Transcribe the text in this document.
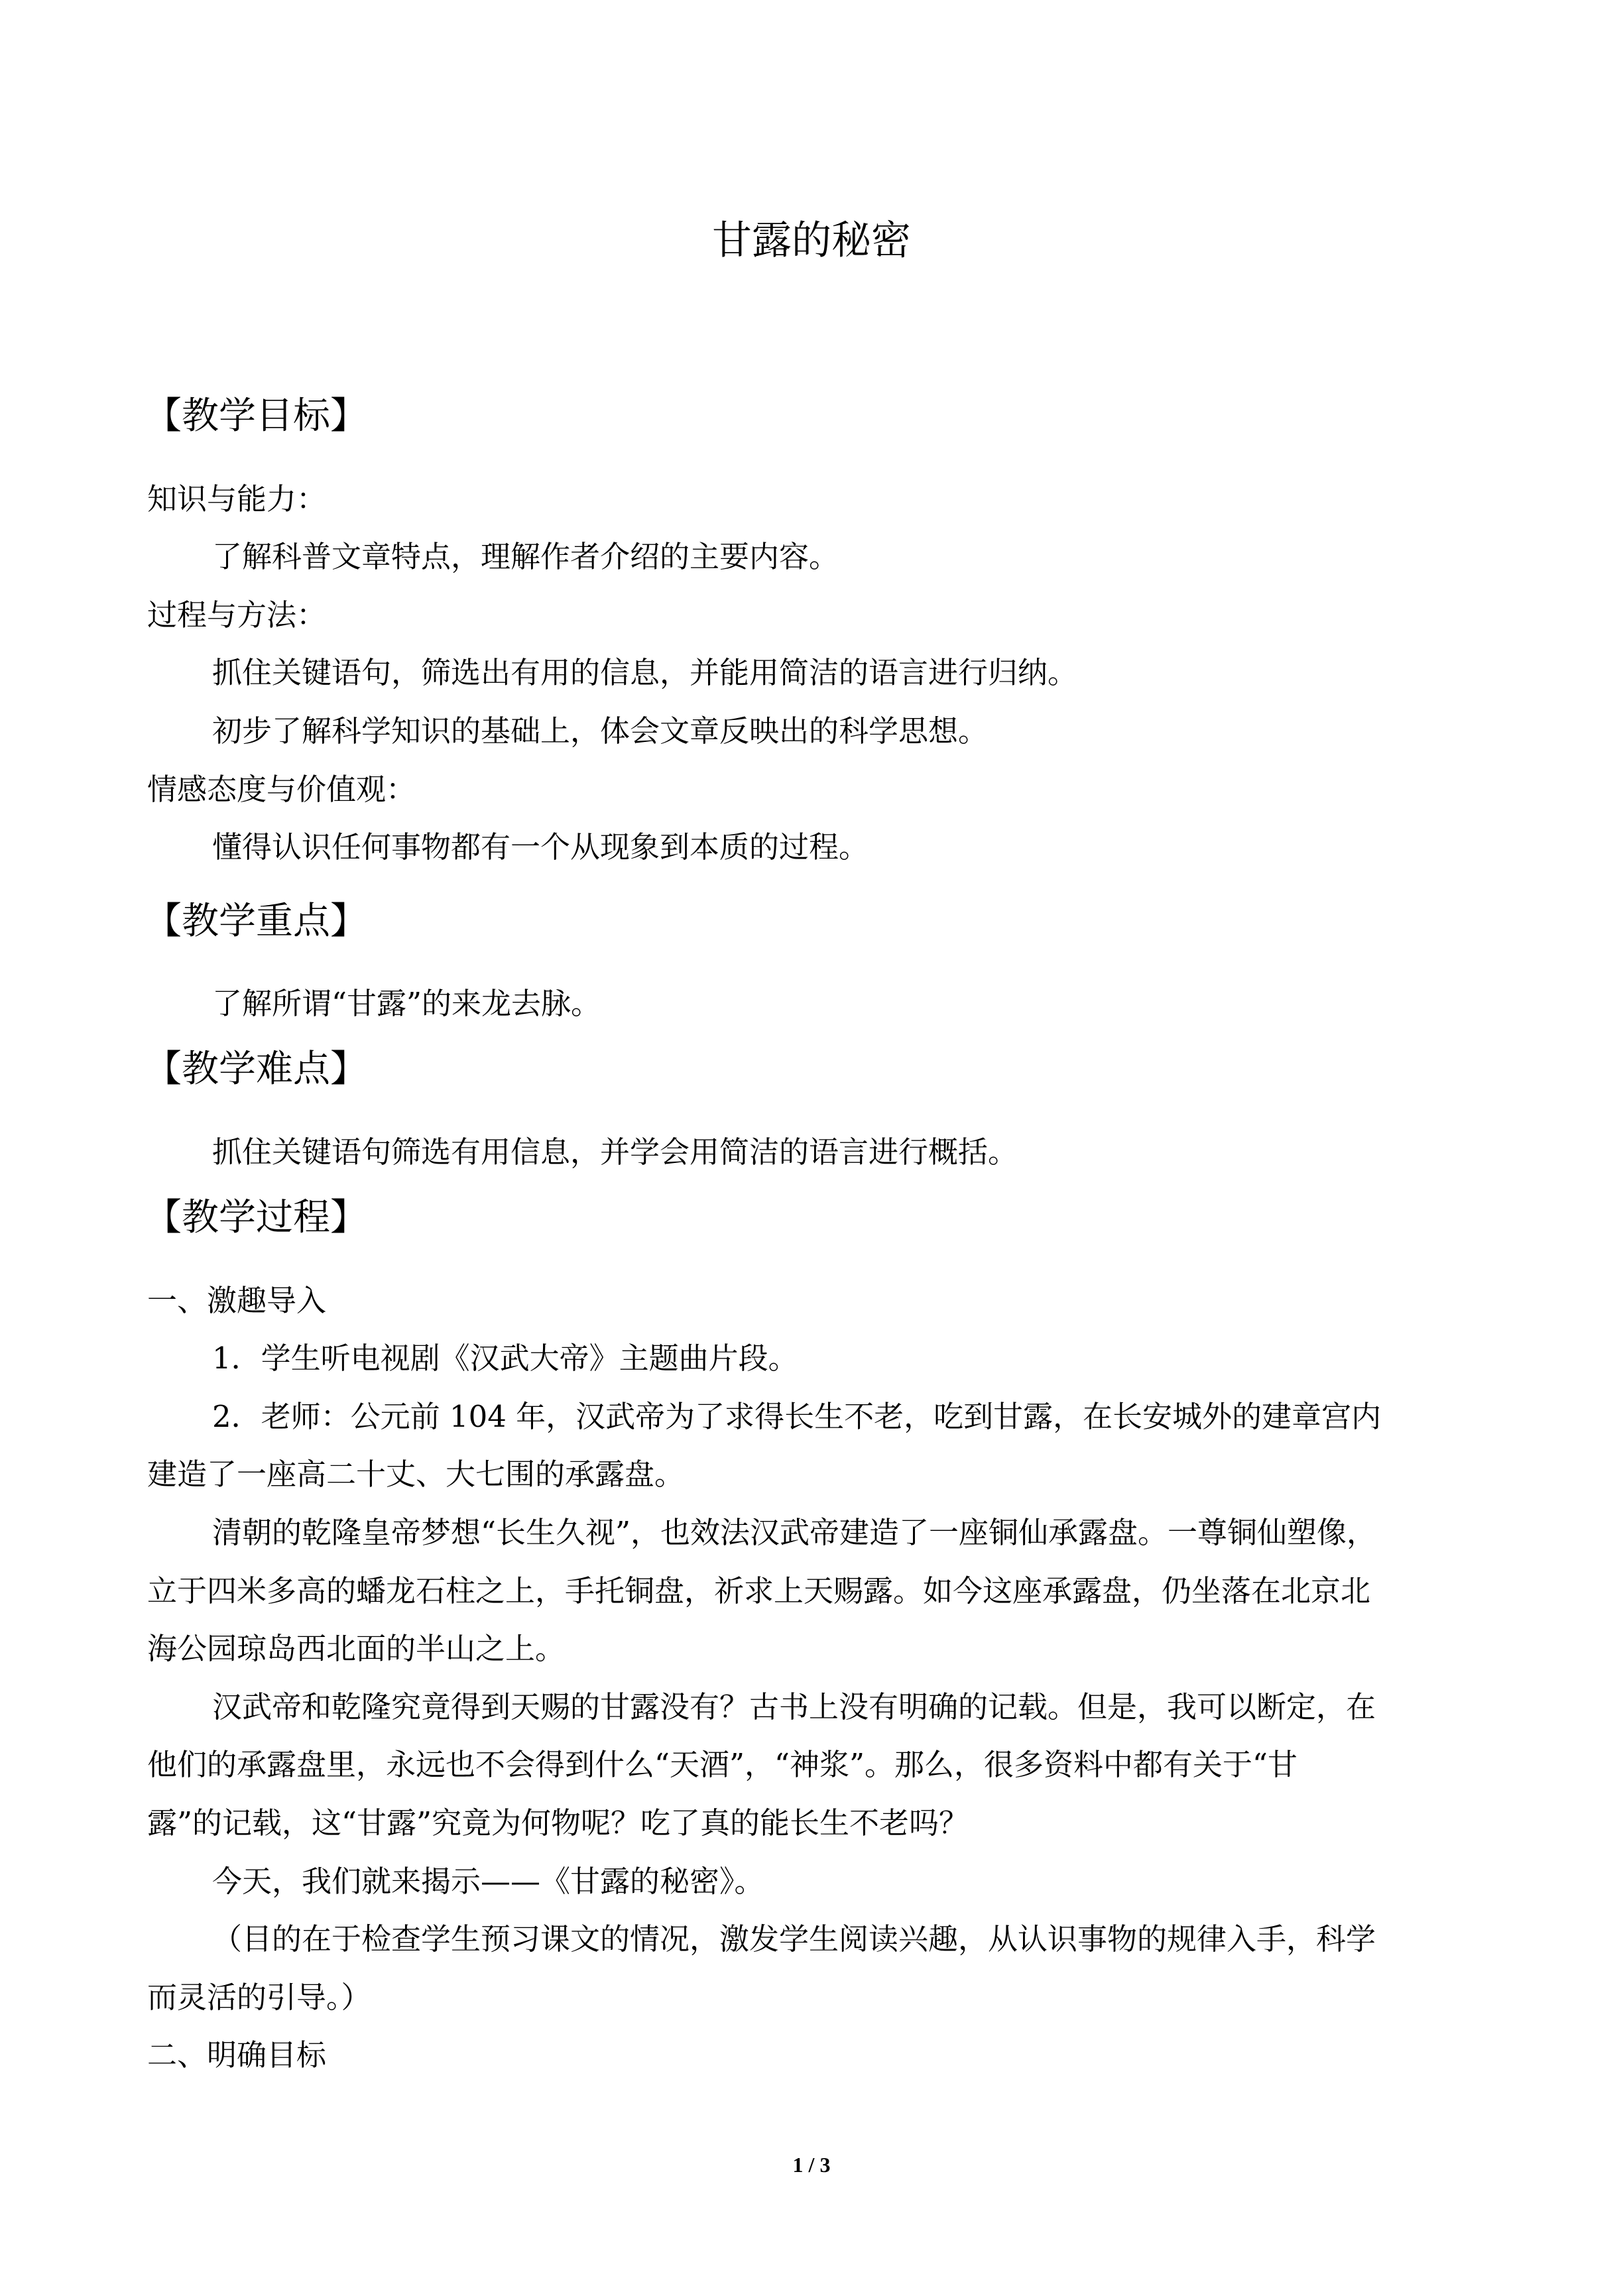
甘露的秘密
【教学目标】
知识与能力：
了解科普文章特点，理解作者介绍的主要内容。
过程与方法：
抓住关键语句，筛选出有用的信息，并能用简洁的语言进行归纳。
初步了解科学知识的基础上，体会文章反映出的科学思想。
情感态度与价值观：
懂得认识任何事物都有一个从现象到本质的过程。
【教学重点】
了解所谓“甘露”的来龙去脉。
【教学难点】
抓住关键语句筛选有用信息，并学会用简洁的语言进行概括。
【教学过程】
一、激趣导入
1．学生听电视剧《汉武大帝》主题曲片段。
2．老师：公元前 104 年，汉武帝为了求得长生不老，吃到甘露，在长安城外的建章宫内
建造了一座高二十丈、大七围的承露盘。
清朝的乾隆皇帝梦想“长生久视”，也效法汉武帝建造了一座铜仙承露盘。一尊铜仙塑像，
立于四米多高的蟠龙石柱之上，手托铜盘，祈求上天赐露。如今这座承露盘，仍坐落在北京北
海公园琼岛西北面的半山之上。
汉武帝和乾隆究竟得到天赐的甘露没有？古书上没有明确的记载。但是，我可以断定，在
他们的承露盘里，永远也不会得到什么“天酒”，“神浆”。那么，很多资料中都有关于“甘
露”的记载，这“甘露”究竟为何物呢？吃了真的能长生不老吗？
今天，我们就来揭示——《甘露的秘密》。
（目的在于检查学生预习课文的情况，激发学生阅读兴趣，从认识事物的规律入手，科学
而灵活的引导。）
二、明确目标
1 / 3
